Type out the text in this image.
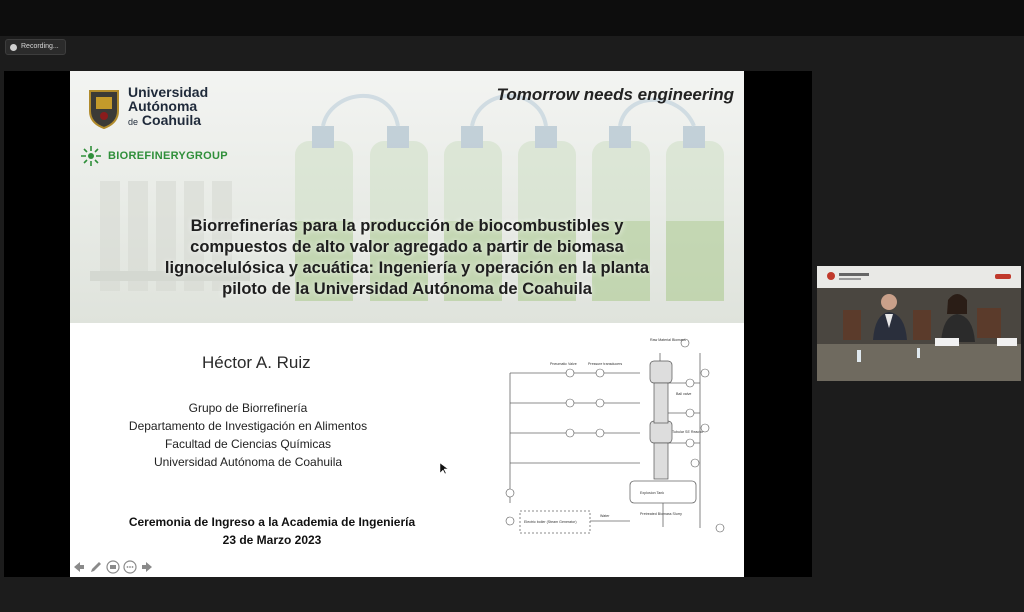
Recording...
Universidad
Autónoma
de Coahuila
BIOREFINERYGROUP
Tomorrow needs engineering
Biorrefinerías para la producción de biocombustibles y
compuestos de alto valor agregado a partir de biomasa
lignocelulósica y acuática: Ingeniería y operación en la planta
piloto de la Universidad Autónoma de Coahuila
Héctor A. Ruiz
Grupo de Biorrefinería
Departamento de Investigación en Alimentos
Facultad de Ciencias Químicas
Universidad Autónoma de Coahuila
Ceremonia de Ingreso a la Academia de Ingeniería
23 de Marzo 2023
Raw Material Biomass
Pneumatic Valve	Pressure transducers
Ball valve
Tubular SE Reactor
Explosion Tank
Pretreated Biomass Slurry
Electric boiler (Steam Generator)
Water
